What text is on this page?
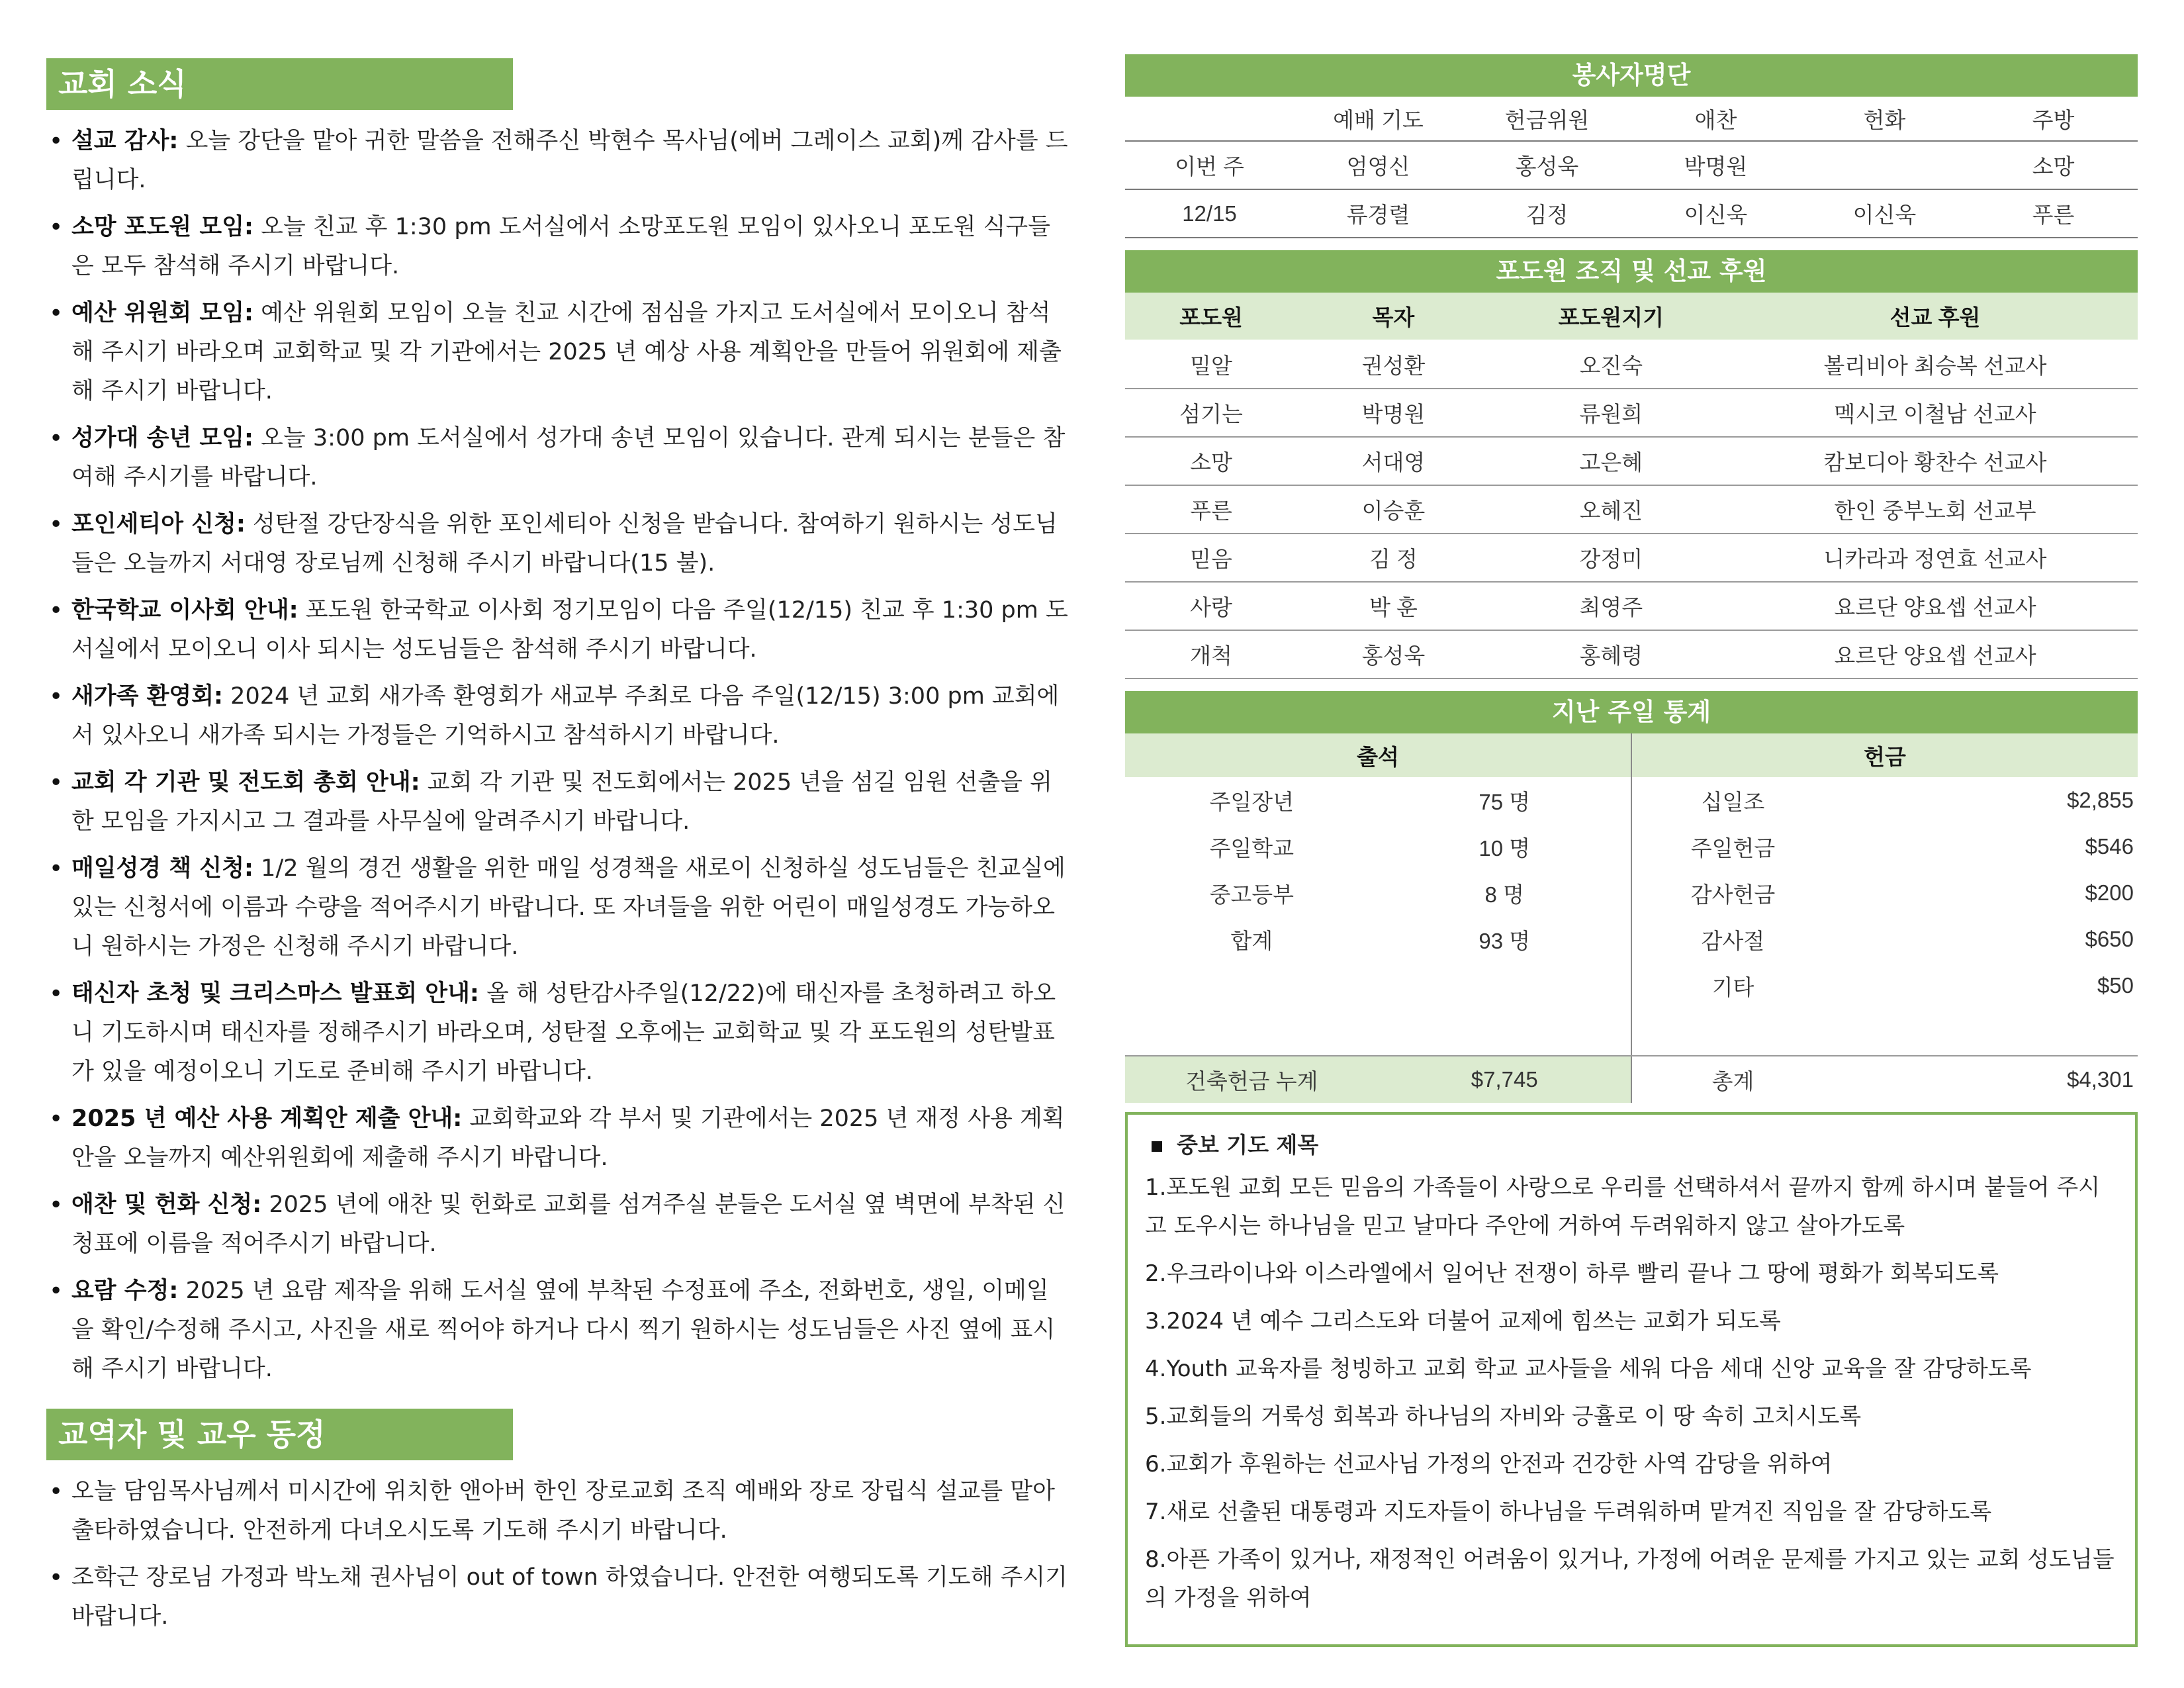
교회 소식
• 설교 감사: 오늘 강단을 맡아 귀한 말씀을 전해주신 박현수 목사님(에버 그레이스 교회)께 감사를 드립니다.
• 소망 포도원 모임: 오늘 친교 후 1:30 pm 도서실에서 소망포도원 모임이 있사오니 포도원 식구들은 모두 참석해 주시기 바랍니다.
• 예산 위원회 모임: 예산 위원회 모임이 오늘 친교 시간에 점심을 가지고 도서실에서 모이오니 참석해 주시기 바라오며 교회학교 및 각 기관에서는 2025 년 예상 사용 계획안을 만들어 위원회에 제출해 주시기 바랍니다.
• 성가대 송년 모임: 오늘 3:00 pm 도서실에서 성가대 송년 모임이 있습니다. 관계 되시는 분들은 참여해 주시기를 바랍니다.
• 포인세티아 신청: 성탄절 강단장식을 위한 포인세티아 신청을 받습니다. 참여하기 원하시는 성도님들은 오늘까지 서대영 장로님께 신청해 주시기 바랍니다(15 불).
• 한국학교 이사회 안내: 포도원 한국학교 이사회 정기모임이 다음 주일(12/15) 친교 후 1:30 pm 도서실에서 모이오니 이사 되시는 성도님들은 참석해 주시기 바랍니다.
• 새가족 환영회: 2024 년 교회 새가족 환영회가 새교부 주최로 다음 주일(12/15) 3:00 pm 교회에서 있사오니 새가족 되시는 가정들은 기억하시고 참석하시기 바랍니다.
• 교회 각 기관 및 전도회 총회 안내: 교회 각 기관 및 전도회에서는 2025 년을 섬길 임원 선출을 위한 모임을 가지시고 그 결과를 사무실에 알려주시기 바랍니다.
• 매일성경 책 신청: 1/2 월의 경건 생활을 위한 매일 성경책을 새로이 신청하실 성도님들은 친교실에 있는 신청서에 이름과 수량을 적어주시기 바랍니다. 또 자녀들을 위한 어린이 매일성경도 가능하오니 원하시는 가정은 신청해 주시기 바랍니다.
• 태신자 초청 및 크리스마스 발표회 안내: 올 해 성탄감사주일(12/22)에 태신자를 초청하려고 하오니 기도하시며 태신자를 정해주시기 바라오며, 성탄절 오후에는 교회학교 및 각 포도원의 성탄발표가 있을 예정이오니 기도로 준비해 주시기 바랍니다.
• 2025 년 예산 사용 계획안 제출 안내: 교회학교와 각 부서 및 기관에서는 2025 년 재정 사용 계획안을 오늘까지 예산위원회에 제출해 주시기 바랍니다.
• 애찬 및 헌화 신청: 2025 년에 애찬 및 헌화로 교회를 섬겨주실 분들은 도서실 옆 벽면에 부착된 신청표에 이름을 적어주시기 바랍니다.
• 요람 수정: 2025 년 요람 제작을 위해 도서실 옆에 부착된 수정표에 주소, 전화번호, 생일, 이메일을 확인/수정해 주시고, 사진을 새로 찍어야 하거나 다시 찍기 원하시는 성도님들은 사진 옆에 표시해 주시기 바랍니다.
교역자 및 교우 동정
• 오늘 담임목사님께서 미시간에 위치한 앤아버 한인 장로교회 조직 예배와 장로 장립식 설교를 맡아 출타하였습니다. 안전하게 다녀오시도록 기도해 주시기 바랍니다.
• 조학근 장로님 가정과 박노채 권사님이 out of town 하였습니다. 안전한 여행되도록 기도해 주시기 바랍니다.
봉사자명단
	예배 기도	헌금위원	애찬	헌화	주방
이번 주	엄영신	홍성욱	박명원		소망
12/15	류경렬	김정	이신욱	이신욱	푸른
포도원 조직 및 선교 후원
포도원	목자	포도원지기	선교 후원
밀알	권성환	오진숙	볼리비아 최승복 선교사
섬기는	박명원	류원희	멕시코 이철남 선교사
소망	서대영	고은혜	캄보디아 황찬수 선교사
푸른	이승훈	오혜진	한인 중부노회 선교부
믿음	김 정	강정미	니카라과 정연효 선교사
사랑	박 훈	최영주	요르단 양요셉 선교사
개척	홍성욱	홍혜령	요르단 양요셉 선교사
지난 주일 통계
출석		헌금	
주일장년	75 명	십일조	$2,855
주일학교	10 명	주일헌금	$546
중고등부	8 명	감사헌금	$200
합계	93 명	감사절	$650
		기타	$50

건축헌금 누계	$7,745	총계	$4,301
중보 기도 제목

1.포도원 교회 모든 믿음의 가족들이 사랑으로 우리를 선택하셔서 끝까지 함께 하시며 붙들어 주시고 도우시는 하나님을 믿고 날마다 주안에 거하여 두려워하지 않고 살아가도록

2.우크라이나와 이스라엘에서 일어난 전쟁이 하루 빨리 끝나 그 땅에 평화가 회복되도록

3.2024 년 예수 그리스도와 더불어 교제에 힘쓰는 교회가 되도록

4.Youth 교육자를 청빙하고 교회 학교 교사들을 세워 다음 세대 신앙 교육을 잘 감당하도록

5.교회들의 거룩성 회복과 하나님의 자비와 긍휼로 이 땅 속히 고치시도록

6.교회가 후원하는 선교사님 가정의 안전과 건강한 사역 감당을 위하여

7.새로 선출된 대통령과 지도자들이 하나님을 두려워하며 맡겨진 직임을 잘 감당하도록

8.아픈 가족이 있거나, 재정적인 어려움이 있거나, 가정에 어려운 문제를 가지고 있는 교회 성도님들의 가정을 위하여
